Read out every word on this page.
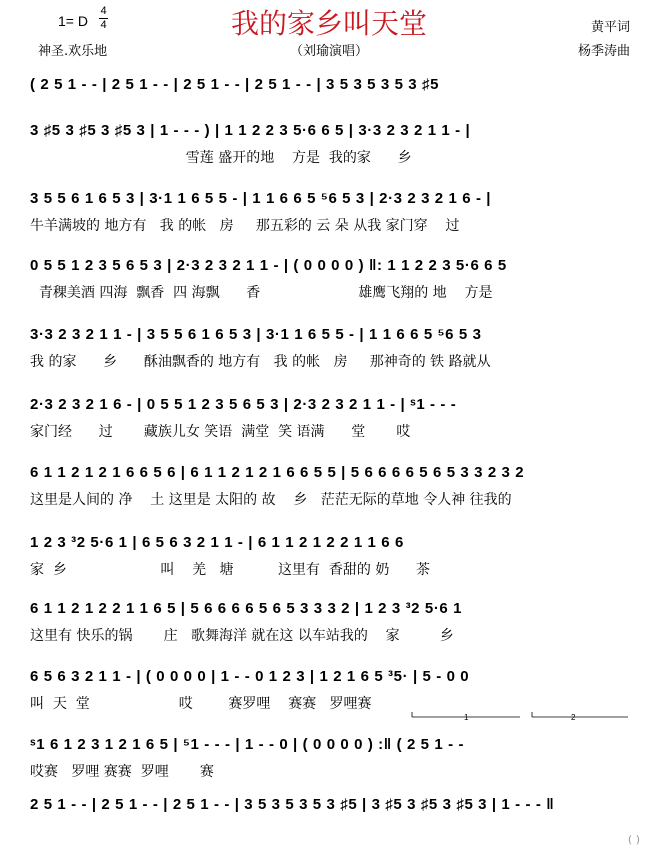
1= D
4
4	我的家乡叫天堂
神圣.欢乐地	（刘瑜演唱）
黄平词
杨季涛曲
( 2 5 1 - - | 2 5 1 - - | 2 5 1 - - | 2 5 1 - - | 3 5 3 5 3 5 3 ♯5
3 ♯5 3 ♯5 3 ♯5 3 | 1 - - - ) | 1 1 2 2 3 5·6 6 5 | 3·3 2 3 2 1 1 - |
雪莲 盛开的地    方是  我的家      乡
3 5 5 6 1 6 5 3 | 3·1 1 6 5 5 - | 1 1 6 6 5 ⁵6 5 3 | 2·3 2 3 2 1 6 - |
牛羊满坡的 地方有   我 的帐   房     那五彩的 云 朵 从我 家门穿    过
0 5 5 1 2 3 5 6 5 3 | 2·3 2 3 2 1 1 - | ( 0 0 0 0 ) ‖: 1 1 2 2 3 5·6 6 5
青稞美酒 四海  飘香  四 海飘      香                      雄鹰飞翔的 地    方是
3·3 2 3 2 1 1 - | 3 5 5 6 1 6 5 3 | 3·1 1 6 5 5 - | 1 1 6 6 5 ⁵6 5 3
我 的家      乡      酥油飘香的 地方有   我 的帐   房     那神奇的 铁 路就从
2·3 2 3 2 1 6 - | 0 5 5 1 2 3 5 6 5 3 | 2·3 2 3 2 1 1 - | ˢ1 - - -
家门经      过       藏族儿女 笑语  满堂  笑 语满      堂       哎
6 1 1 2 1 2 1 6 6 5 6 | 6 1 1 2 1 2 1 6 6 5 5 | 5 6 6 6 6 5 6 5 3 3 2 3 2
这里是人间的 净    土 这里是 太阳的 故    乡   茫茫无际的草地 令人神 往我的
1 2 3 ³2 5·6 1 | 6 5 6 3 2 1 1 - | 6 1 1 2 1 2 2 1 1 6 6
家  乡                     叫    羌   塘          这里有  香甜的 奶      茶
6 1 1 2 1 2 2 1 1 6 5 | 5 6 6 6 6 5 6 5 3 3 3 2 | 1 2 3 ³2 5·6 1
这里有 快乐的锅       庄   歌舞海洋 就在这 以车站我的    家         乡
6 5 6 3 2 1 1 - | ( 0 0 0 0 | 1 - - 0 1 2 3 | 1 2 1 6 5 ³5· | 5 - 0 0
叫  天  堂                    哎        赛罗哩    赛赛   罗哩赛
ˢ1 6 1 2 3 1 2 1 6 5 | ⁵1 - - - | 1 - - 0 | ( 0 0 0 0 ) :‖ ( 2 5 1 - -
哎赛   罗哩 赛赛  罗哩       赛
2 5 1 - - | 2 5 1 - - | 2 5 1 - - | 3 5 3 5 3 5 3 ♯5 | 3 ♯5 3 ♯5 3 ♯5 3 | 1 - - - ‖
1	2
( )
